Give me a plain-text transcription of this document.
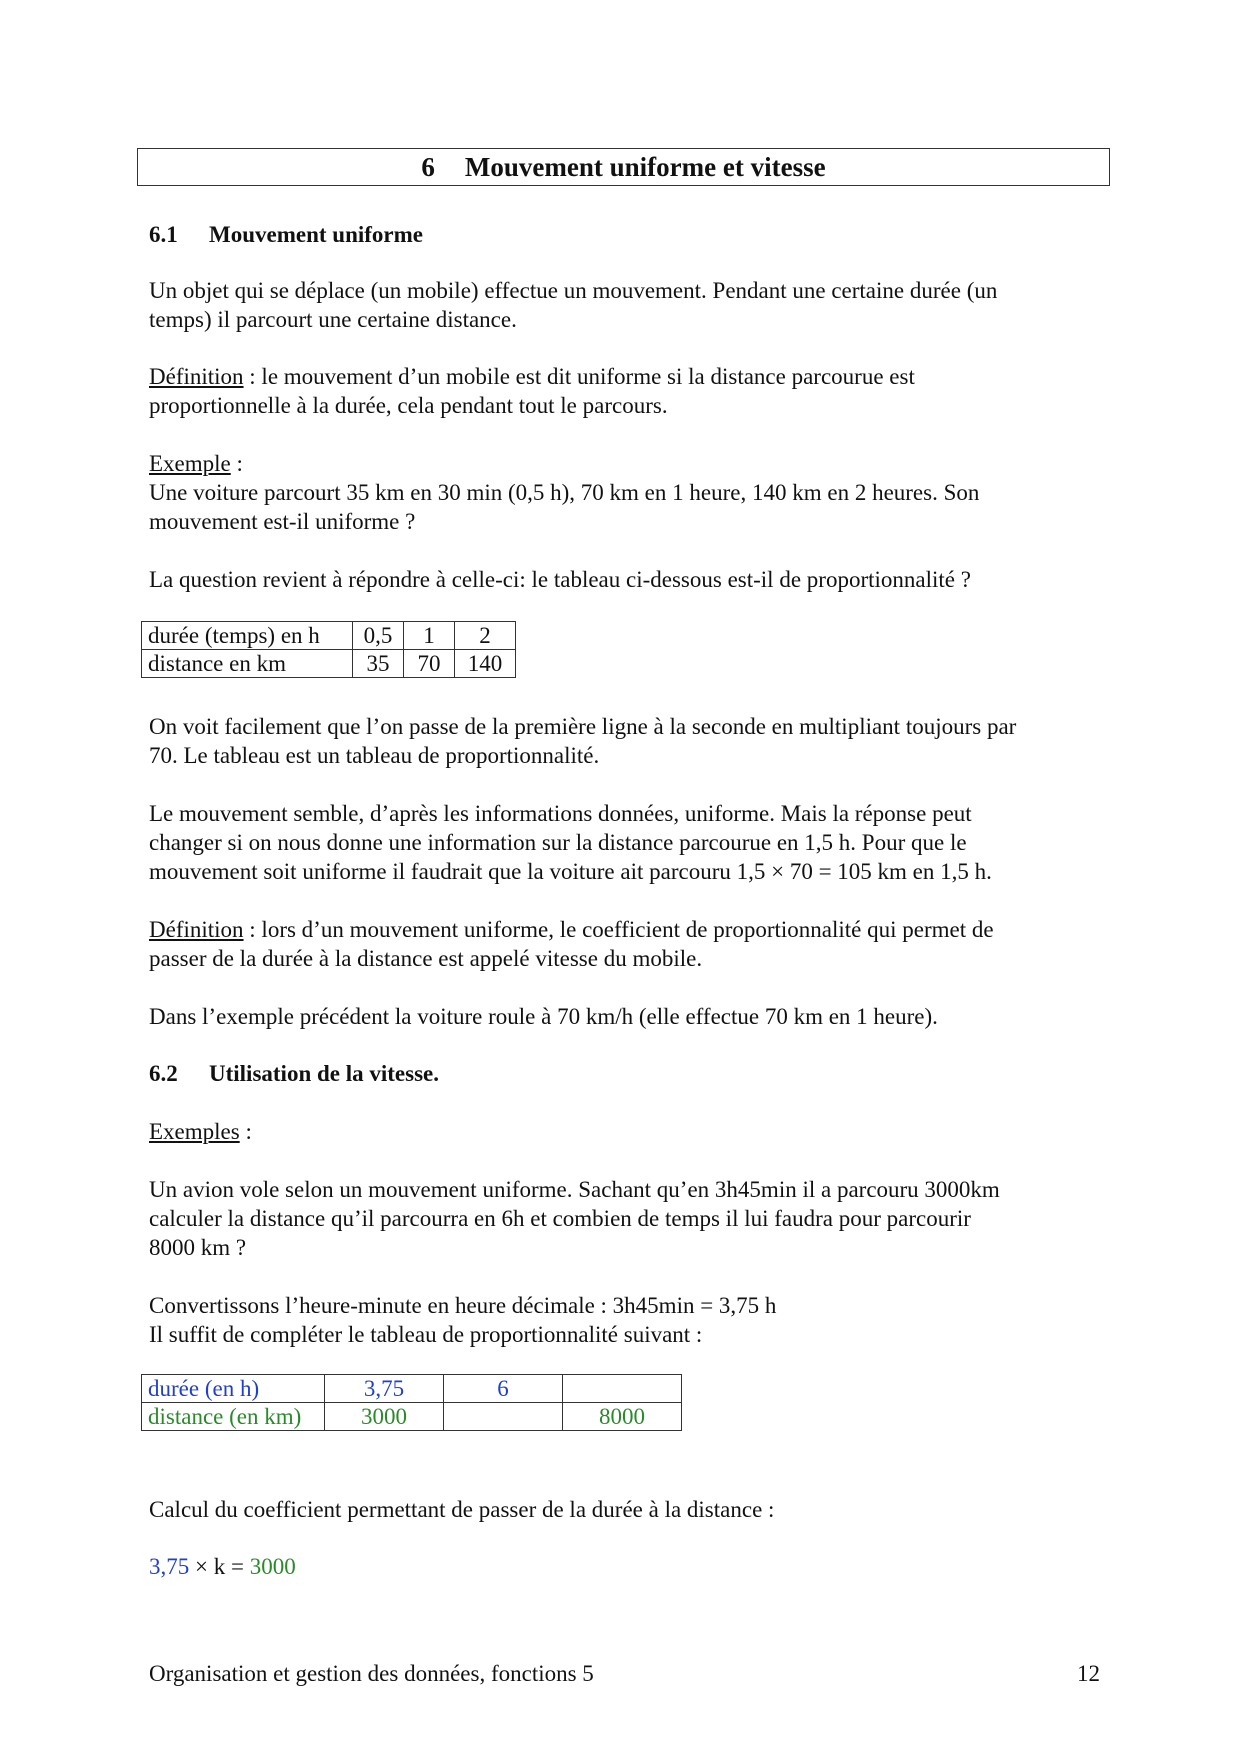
6 Mouvement uniforme et vitesse
6.1 Mouvement uniforme
Un objet qui se déplace (un mobile) effectue un mouvement. Pendant une certaine durée (un
temps) il parcourt une certaine distance.
Définition : le mouvement d’un mobile est dit uniforme si la distance parcourue est
proportionnelle à la durée, cela pendant tout le parcours.
Exemple :
Une voiture parcourt 35 km en 30 min (0,5 h), 70 km en 1 heure, 140 km en 2 heures. Son
mouvement est-il uniforme ?
La question revient à répondre à celle-ci: le tableau ci-dessous est-il de proportionnalité ?
durée (temps) en h	0,5	1	2
distance en km	35	70	140
On voit facilement que l’on passe de la première ligne à la seconde en multipliant toujours par
70. Le tableau est un tableau de proportionnalité.
Le mouvement semble, d’après les informations données, uniforme. Mais la réponse peut
changer si on nous donne une information sur la distance parcourue en 1,5 h. Pour que le
mouvement soit uniforme il faudrait que la voiture ait parcouru 1,5 × 70 = 105 km en 1,5 h.
Définition : lors d’un mouvement uniforme, le coefficient de proportionnalité qui permet de
passer de la durée à la distance est appelé vitesse du mobile.
Dans l’exemple précédent la voiture roule à 70 km/h (elle effectue 70 km en 1 heure).
6.2 Utilisation de la vitesse.
Exemples :
Un avion vole selon un mouvement uniforme. Sachant qu’en 3h45min il a parcouru 3000km
calculer la distance qu’il parcourra en 6h et combien de temps il lui faudra pour parcourir
8000 km ?
Convertissons l’heure-minute en heure décimale : 3h45min = 3,75 h
Il suffit de compléter le tableau de proportionnalité suivant :
durée (en h)	3,75	6	
distance (en km)	3000		8000
Calcul du coefficient permettant de passer de la durée à la distance :
3,75 × k = 3000
Organisation et gestion des données, fonctions 5	12
